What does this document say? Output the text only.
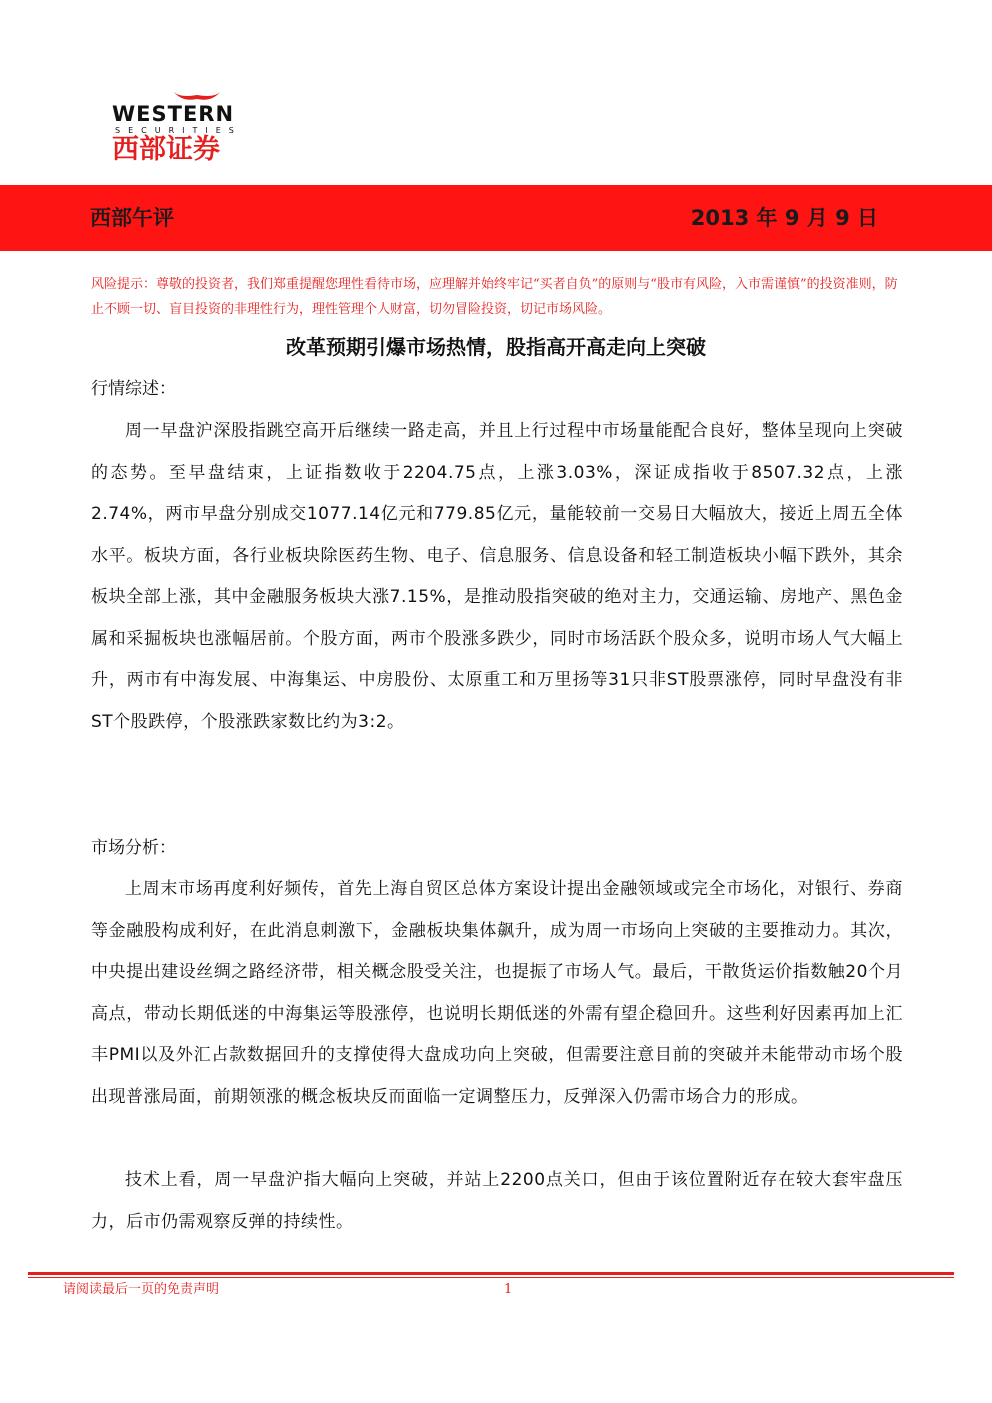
WESTERN
SECURITIES
西部证券
西部午评	2013 年 9 月 9 日
风险提示：尊敬的投资者，我们郑重提醒您理性看待市场，应理解并始终牢记“买者自负”的原则与“股市有风险，入市需谨慎”的投资准则，防止不顾一切、盲目投资的非理性行为，理性管理个人财富，切勿冒险投资，切记市场风险。
改革预期引爆市场热情，股指高开高走向上突破
行情综述：
周一早盘沪深股指跳空高开后继续一路走高，并且上行过程中市场量能配合良好，整体呈现向上突破的态势。至早盘结束，上证指数收于2204.75点，上涨3.03%，深证成指收于8507.32点，上涨2.74%，两市早盘分别成交1077.14亿元和779.85亿元，量能较前一交易日大幅放大，接近上周五全体水平。板块方面，各行业板块除医药生物、电子、信息服务、信息设备和轻工制造板块小幅下跌外，其余板块全部上涨，其中金融服务板块大涨7.15%，是推动股指突破的绝对主力，交通运输、房地产、黑色金属和采掘板块也涨幅居前。个股方面，两市个股涨多跌少，同时市场活跃个股众多，说明市场人气大幅上升，两市有中海发展、中海集运、中房股份、太原重工和万里扬等31只非ST股票涨停，同时早盘没有非ST个股跌停，个股涨跌家数比约为3:2。
市场分析：
上周末市场再度利好频传，首先上海自贸区总体方案设计提出金融领域或完全市场化，对银行、券商等金融股构成利好，在此消息刺激下，金融板块集体飙升，成为周一市场向上突破的主要推动力。其次，中央提出建设丝绸之路经济带，相关概念股受关注，也提振了市场人气。最后，干散货运价指数触20个月高点，带动长期低迷的中海集运等股涨停，也说明长期低迷的外需有望企稳回升。这些利好因素再加上汇丰PMI以及外汇占款数据回升的支撑使得大盘成功向上突破，但需要注意目前的突破并未能带动市场个股出现普涨局面，前期领涨的概念板块反而面临一定调整压力，反弹深入仍需市场合力的形成。
技术上看，周一早盘沪指大幅向上突破，并站上2200点关口，但由于该位置附近存在较大套牢盘压力，后市仍需观察反弹的持续性。
请阅读最后一页的免责声明	1
